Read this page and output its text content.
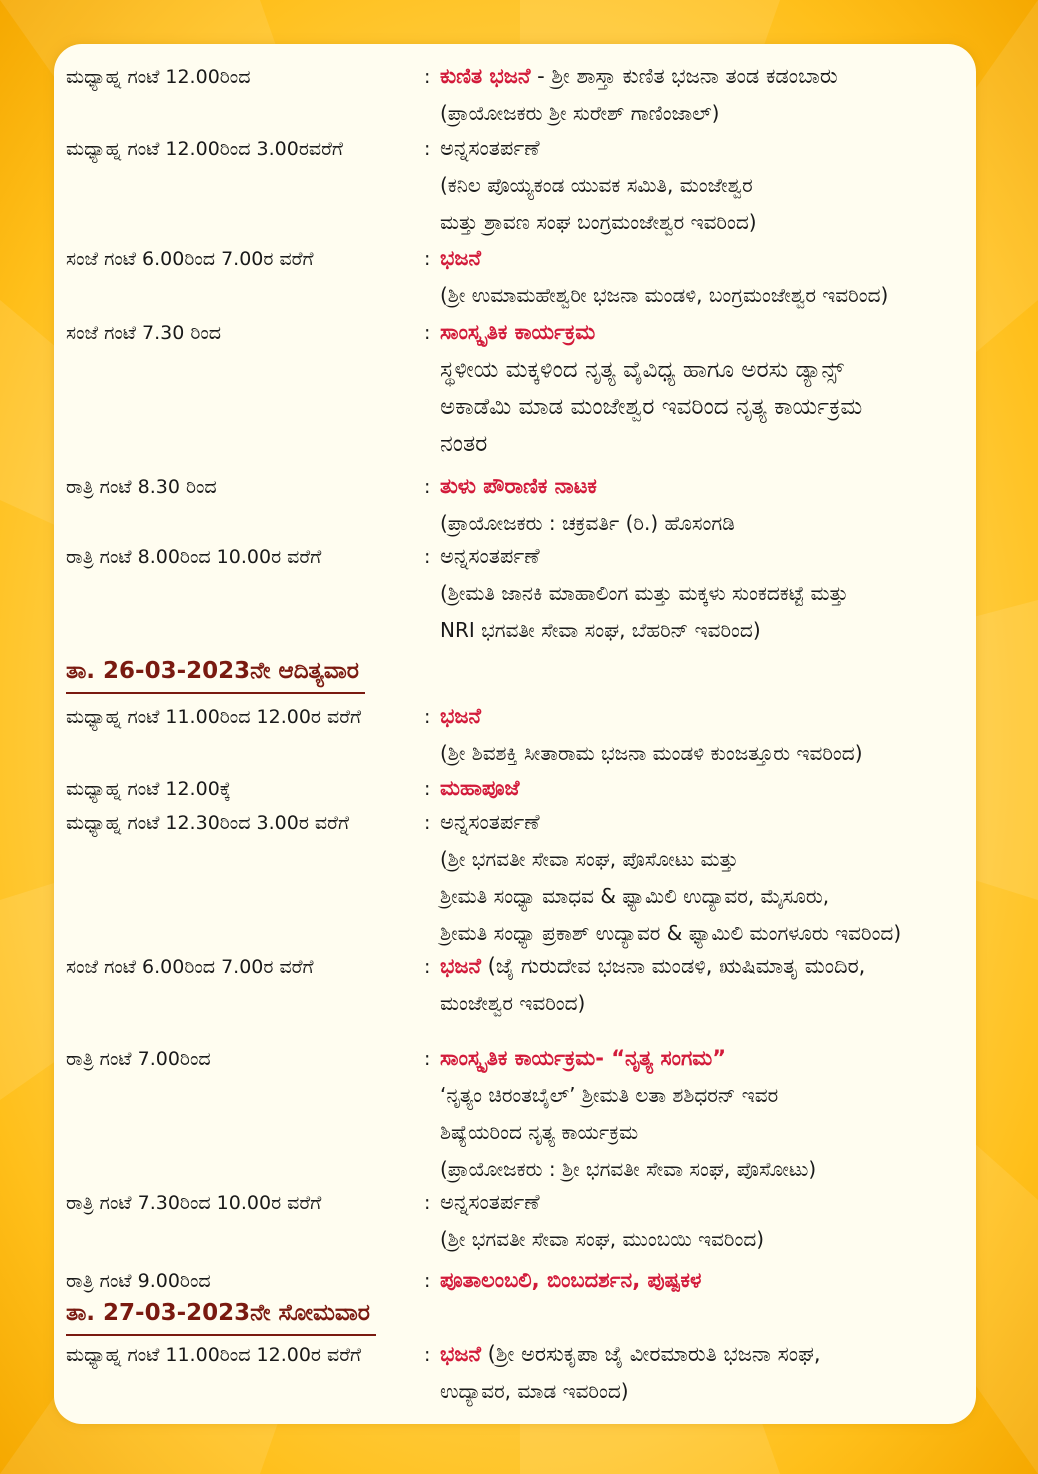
ಮಧ್ಯಾಹ್ನ ಗಂಟೆ 12.00ರಿಂದ	: ಕುಣಿತ ಭಜನೆ - ಶ್ರೀ ಶಾಸ್ತಾ ಕುಣಿತ ಭಜನಾ ತಂಡ ಕಡಂಬಾರು
(ಪ್ರಾಯೋಜಕರು ಶ್ರೀ ಸುರೇಶ್ ಗಾಣಿಂಜಾಲ್)
ಮಧ್ಯಾಹ್ನ ಗಂಟೆ 12.00ರಿಂದ 3.00ರವರೆಗೆ	: ಅನ್ನಸಂತರ್ಪಣೆ
(ಕನಿಲ ಪೊಯ್ಯಕಂಡ ಯುವಕ ಸಮಿತಿ, ಮಂಜೇಶ್ವರ
ಮತ್ತು ಶ್ರಾವಣ ಸಂಘ ಬಂಗ್ರಮಂಜೇಶ್ವರ ಇವರಿಂದ)
ಸಂಜೆ ಗಂಟೆ 6.00ರಿಂದ 7.00ರ ವರೆಗೆ	: ಭಜನೆ
(ಶ್ರೀ ಉಮಾಮಹೇಶ್ವರೀ ಭಜನಾ ಮಂಡಳಿ, ಬಂಗ್ರಮಂಜೇಶ್ವರ ಇವರಿಂದ)
ಸಂಜೆ ಗಂಟೆ 7.30 ರಿಂದ	: ಸಾಂಸ್ಕೃತಿಕ ಕಾರ್ಯಕ್ರಮ
ಸ್ಥಳೀಯ ಮಕ್ಕಳಿಂದ ನೃತ್ಯ ವೈವಿಧ್ಯ ಹಾಗೂ ಅರಸು ಡ್ಯಾನ್ಸ್
ಅಕಾಡೆಮಿ ಮಾಡ ಮಂಜೇಶ್ವರ ಇವರಿಂದ ನೃತ್ಯ ಕಾರ್ಯಕ್ರಮ
ನಂತರ
ರಾತ್ರಿ ಗಂಟೆ 8.30 ರಿಂದ	: ತುಳು ಪೌರಾಣಿಕ ನಾಟಕ
(ಪ್ರಾಯೋಜಕರು : ಚಕ್ರವರ್ತಿ (ರಿ.) ಹೊಸಂಗಡಿ
ರಾತ್ರಿ ಗಂಟೆ 8.00ರಿಂದ 10.00ರ ವರೆಗೆ	: ಅನ್ನಸಂತರ್ಪಣೆ
(ಶ್ರೀಮತಿ ಜಾನಕಿ ಮಾಹಾಲಿಂಗ ಮತ್ತು ಮಕ್ಕಳು ಸುಂಕದಕಟ್ಟೆ ಮತ್ತು
NRI ಭಗವತೀ ಸೇವಾ ಸಂಘ, ಬೆಹರಿನ್ ಇವರಿಂದ)
ತಾ. 26-03-2023ನೇ ಆದಿತ್ಯವಾರ
ಮಧ್ಯಾಹ್ನ ಗಂಟೆ 11.00ರಿಂದ 12.00ರ ವರೆಗೆ	: ಭಜನೆ
(ಶ್ರೀ ಶಿವಶಕ್ತಿ ಸೀತಾರಾಮ ಭಜನಾ ಮಂಡಳಿ ಕುಂಜತ್ತೂರು ಇವರಿಂದ)
ಮಧ್ಯಾಹ್ನ ಗಂಟೆ 12.00ಕ್ಕೆ	: ಮಹಾಪೂಜೆ
ಮಧ್ಯಾಹ್ನ ಗಂಟೆ 12.30ರಿಂದ 3.00ರ ವರೆಗೆ	: ಅನ್ನಸಂತರ್ಪಣೆ
(ಶ್ರೀ ಭಗವತೀ ಸೇವಾ ಸಂಘ, ಪೊಸೋಟು ಮತ್ತು
ಶ್ರೀಮತಿ ಸಂಧ್ಯಾ ಮಾಧವ & ಫ್ಯಾಮಿಲಿ ಉದ್ಯಾವರ, ಮೈಸೂರು,
ಶ್ರೀಮತಿ ಸಂಧ್ಯಾ ಪ್ರಕಾಶ್ ಉದ್ಯಾವರ & ಫ್ಯಾಮಿಲಿ ಮಂಗಳೂರು ಇವರಿಂದ)
ಸಂಜೆ ಗಂಟೆ 6.00ರಿಂದ 7.00ರ ವರೆಗೆ	: ಭಜನೆ (ಜೈ ಗುರುದೇವ ಭಜನಾ ಮಂಡಳಿ, ಋಷಿಮಾತೃ ಮಂದಿರ,
ಮಂಜೇಶ್ವರ ಇವರಿಂದ)
ರಾತ್ರಿ ಗಂಟೆ 7.00ರಿಂದ	: ಸಾಂಸ್ಕೃತಿಕ ಕಾರ್ಯಕ್ರಮ- “ನೃತ್ಯ ಸಂಗಮ”
‘ನೃತ್ಯಂ ಚಿರಂತಬೈಲ್’ ಶ್ರೀಮತಿ ಲತಾ ಶಶಿಧರನ್ ಇವರ
ಶಿಷ್ಯೆಯರಿಂದ ನೃತ್ಯ ಕಾರ್ಯಕ್ರಮ
(ಪ್ರಾಯೋಜಕರು : ಶ್ರೀ ಭಗವತೀ ಸೇವಾ ಸಂಘ, ಪೊಸೋಟು)
ರಾತ್ರಿ ಗಂಟೆ 7.30ರಿಂದ 10.00ರ ವರೆಗೆ	: ಅನ್ನಸಂತರ್ಪಣೆ
(ಶ್ರೀ ಭಗವತೀ ಸೇವಾ ಸಂಘ, ಮುಂಬಯಿ ಇವರಿಂದ)
ರಾತ್ರಿ ಗಂಟೆ 9.00ರಿಂದ	: ಪೂತಾಲಂಬಲಿ, ಬಿಂಬದರ್ಶನ, ಪುಷ್ಪಕಳ
ತಾ. 27-03-2023ನೇ ಸೋಮವಾರ
ಮಧ್ಯಾಹ್ನ ಗಂಟೆ 11.00ರಿಂದ 12.00ರ ವರೆಗೆ	: ಭಜನೆ (ಶ್ರೀ ಅರಸುಕೃಪಾ ಜೈ ವೀರಮಾರುತಿ ಭಜನಾ ಸಂಘ,
ಉದ್ಯಾವರ, ಮಾಡ ಇವರಿಂದ)
